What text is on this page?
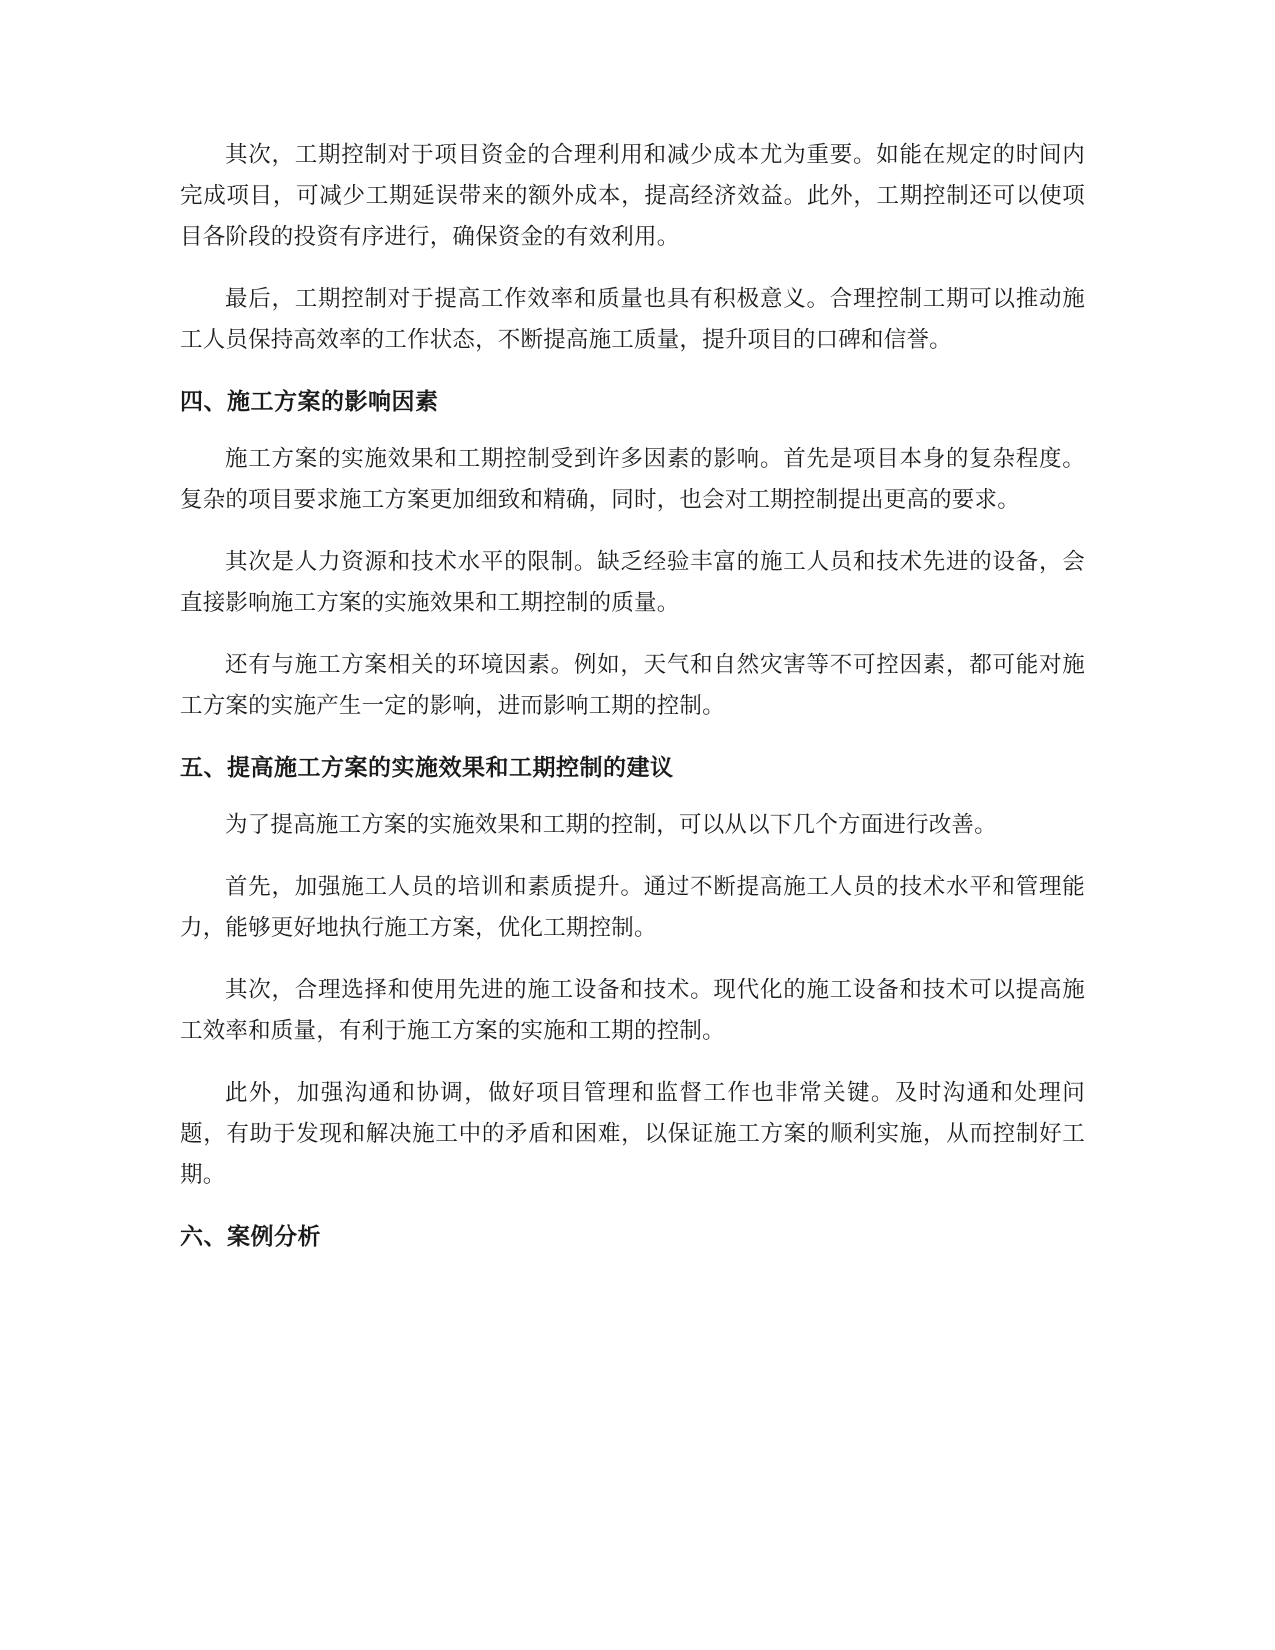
其次，工期控制对于项目资金的合理利用和减少成本尤为重要。如能在规定的时间内完成项目，可减少工期延误带来的额外成本，提高经济效益。此外，工期控制还可以使项目各阶段的投资有序进行，确保资金的有效利用。

最后，工期控制对于提高工作效率和质量也具有积极意义。合理控制工期可以推动施工人员保持高效率的工作状态，不断提高施工质量，提升项目的口碑和信誉。

四、施工方案的影响因素

施工方案的实施效果和工期控制受到许多因素的影响。首先是项目本身的复杂程度。复杂的项目要求施工方案更加细致和精确，同时，也会对工期控制提出更高的要求。

其次是人力资源和技术水平的限制。缺乏经验丰富的施工人员和技术先进的设备，会直接影响施工方案的实施效果和工期控制的质量。

还有与施工方案相关的环境因素。例如，天气和自然灾害等不可控因素，都可能对施工方案的实施产生一定的影响，进而影响工期的控制。

五、提高施工方案的实施效果和工期控制的建议

为了提高施工方案的实施效果和工期的控制，可以从以下几个方面进行改善。

首先，加强施工人员的培训和素质提升。通过不断提高施工人员的技术水平和管理能力，能够更好地执行施工方案，优化工期控制。

其次，合理选择和使用先进的施工设备和技术。现代化的施工设备和技术可以提高施工效率和质量，有利于施工方案的实施和工期的控制。

此外，加强沟通和协调，做好项目管理和监督工作也非常关键。及时沟通和处理问题，有助于发现和解决施工中的矛盾和困难，以保证施工方案的顺利实施，从而控制好工期。

六、案例分析
